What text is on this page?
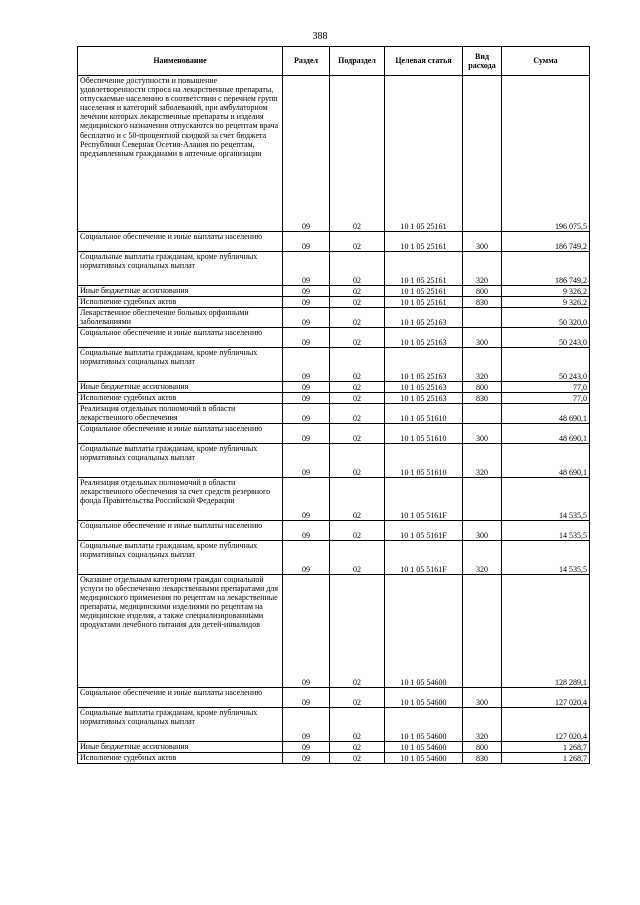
388
Наименование	Раздел	Подраздел	Целевая статья	Вид расхода	Сумма
Обеспечение доступности и повышение удовлетворенности спроса на лекарственные препараты, отпускаемые населению в соответствии с перечнем групп населения и категорий заболеваний, при амбулаторном лечении которых лекарственные препараты и изделия медицинского назначения отпускаются по рецептам врача бесплатно и с 50-процентной скидкой за счет бюджета Республики Северная Осетия-Алания по рецептам, предъявленным гражданами в аптечные организации	09	02	10 1 05 25161		196 075,5
Социальное обеспечение и иные выплаты населению	09	02	10 1 05 25161	300	186 749,2
Социальные выплаты гражданам, кроме публичных нормативных социальных выплат	09	02	10 1 05 25161	320	186 749,2
Иные бюджетные ассигнования	09	02	10 1 05 25161	800	9 326,2
Исполнение судебных актов	09	02	10 1 05 25161	830	9 326,2
Лекарственное обеспечение больных орфанными заболеваниями	09	02	10 1 05 25163		50 320,0
Социальное обеспечение и иные выплаты населению	09	02	10 1 05 25163	300	50 243,0
Социальные выплаты гражданам, кроме публичных нормативных социальных выплат	09	02	10 1 05 25163	320	50 243,0
Иные бюджетные ассигнования	09	02	10 1 05 25163	800	77,0
Исполнение судебных актов	09	02	10 1 05 25163	830	77,0
Реализация отдельных полномочий в области лекарственного обеспечения	09	02	10 1 05 51610		48 690,1
Социальное обеспечение и иные выплаты населению	09	02	10 1 05 51610	300	48 690,1
Социальные выплаты гражданам, кроме публичных нормативных социальных выплат	09	02	10 1 05 51610	320	48 690,1
Реализация отдельных полномочий в области лекарственного обеспечения за счет средств резервного фонда Правительства Российской Федерации	09	02	10 1 05 5161F		14 535,5
Социальное обеспечение и иные выплаты населению	09	02	10 1 05 5161F	300	14 535,5
Социальные выплаты гражданам, кроме публичных нормативных социальных выплат	09	02	10 1 05 5161F	320	14 535,5
Оказание отдельным категориям граждан социальной услуги по обеспечению лекарственными препаратами для медицинского применения по рецептам на лекарственные препараты, медицинскими изделиями по рецептам на медицинские изделия, а также специализированными продуктами лечебного питания для детей-инвалидов	09	02	10 1 05 54600		128 289,1
Социальное обеспечение и иные выплаты населению	09	02	10 1 05 54600	300	127 020,4
Социальные выплаты гражданам, кроме публичных нормативных социальных выплат	09	02	10 1 05 54600	320	127 020,4
Иные бюджетные ассигнования	09	02	10 1 05 54600	800	1 268,7
Исполнение судебных актов	09	02	10 1 05 54600	830	1 268,7
